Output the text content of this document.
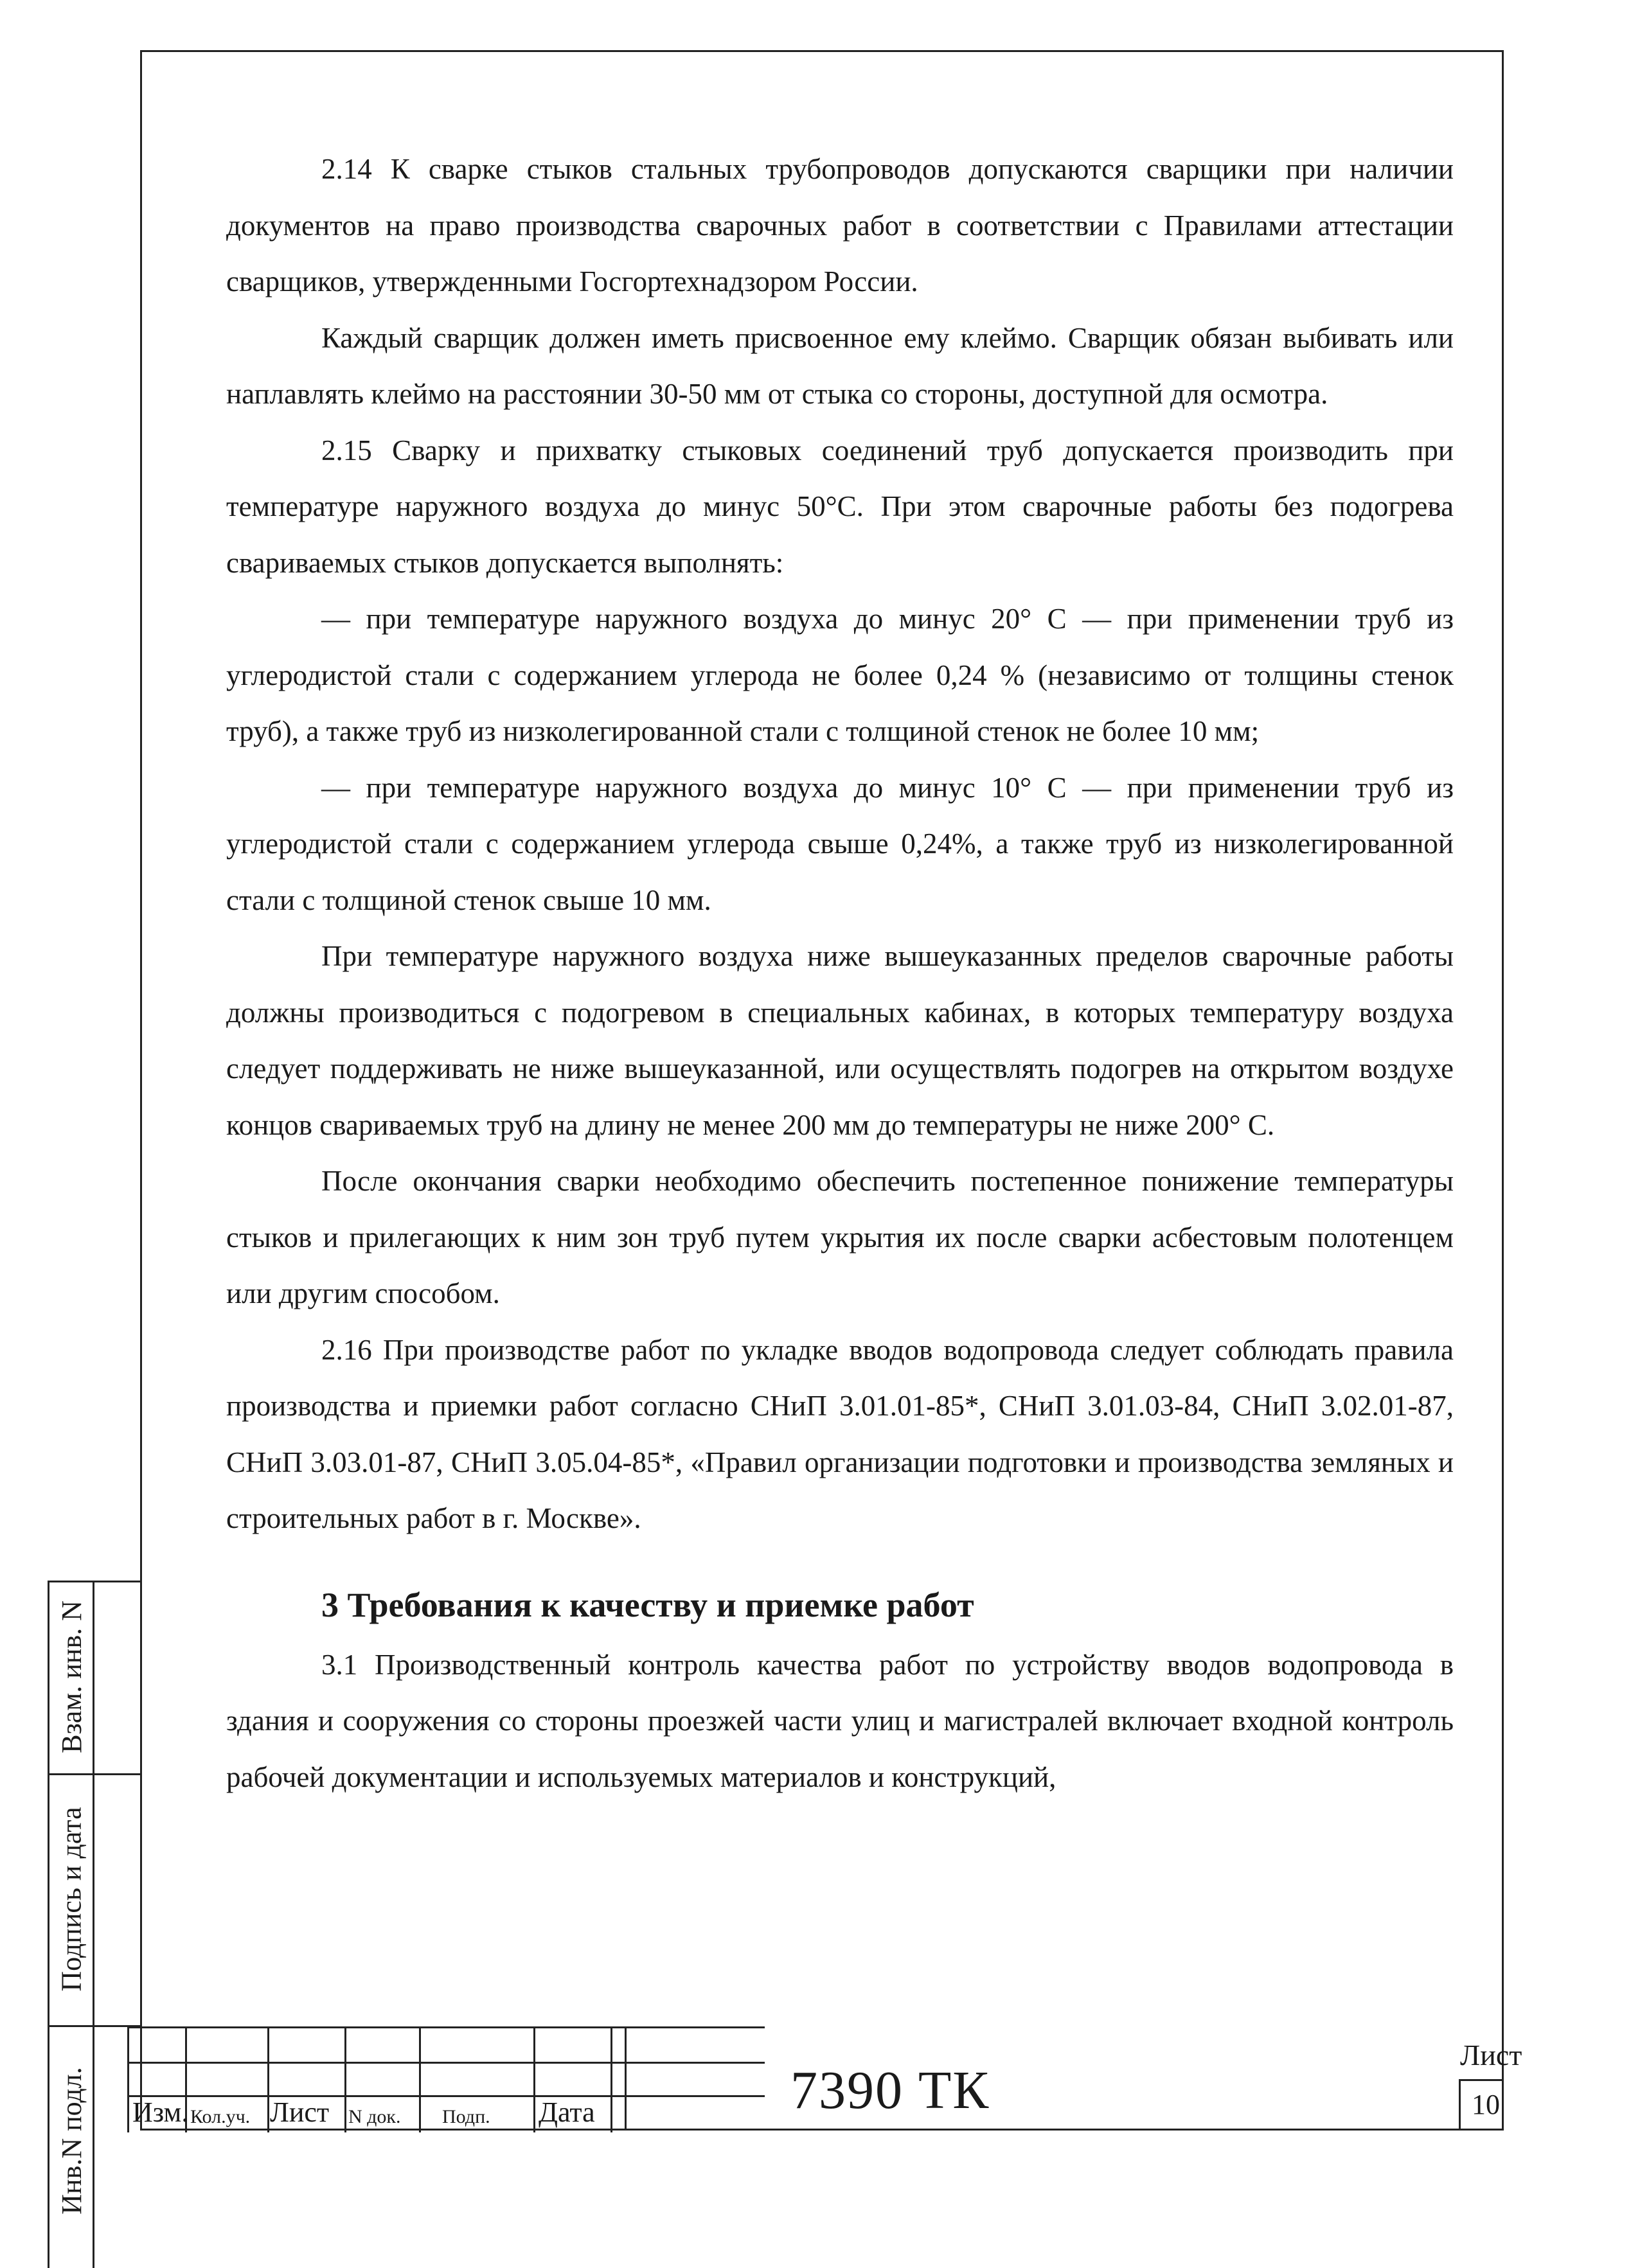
Взам. инв. N
Подпись и дата
Инв.N подл.

2.14 К сварке стыков стальных трубопроводов допускаются сварщики при наличии документов на право производства сварочных работ в соответствии с Правилами аттестации сварщиков, утвержденными Госгортехнадзором России.

Каждый сварщик должен иметь присвоенное ему клеймо. Сварщик обязан выбивать или наплавлять клеймо на расстоянии 30-50 мм от стыка со стороны, доступной для осмотра.

2.15 Сварку и прихватку стыковых соединений труб допускается производить при температуре наружного воздуха до минус 50°С. При этом сварочные работы без подогрева свариваемых стыков допускается выполнять:

— при температуре наружного воздуха до минус 20° С — при применении труб из углеродистой стали с содержанием углерода не более 0,24 % (независимо от толщины стенок труб), а также труб из низколегированной стали с толщиной стенок не более 10 мм;

— при температуре наружного воздуха до минус 10° С — при применении труб из углеродистой стали с содержанием углерода свыше 0,24%, а также труб из низколегированной стали с толщиной стенок свыше 10 мм.

При температуре наружного воздуха ниже вышеуказанных пределов сварочные работы должны производиться с подогревом в специальных кабинах, в которых температуру воздуха следует поддерживать не ниже вышеуказанной, или осуществлять подогрев на открытом воздухе концов свариваемых труб на длину не менее 200 мм до температуры не ниже 200° С.

После окончания сварки необходимо обеспечить постепенное понижение температуры стыков и прилегающих к ним зон труб путем укрытия их после сварки асбестовым полотенцем или другим способом.

2.16 При производстве работ по укладке вводов водопровода следует соблюдать правила производства и приемки работ согласно СНиП 3.01.01-85*, СНиП 3.01.03-84, СНиП 3.02.01-87, СНиП 3.03.01-87, СНиП 3.05.04-85*, «Правил организации подготовки и производства земляных и строительных работ в г. Москве».

3 Требования к качеству и приемке работ

3.1 Производственный контроль качества работ по устройству вводов водопровода в здания и сооружения со стороны проезжей части улиц и магистралей включает входной контроль рабочей документации и используемых материалов и конструкций,

Изм. Кол.уч. Лист N док. Подп. Дата	7390 ТК
Лист
10
